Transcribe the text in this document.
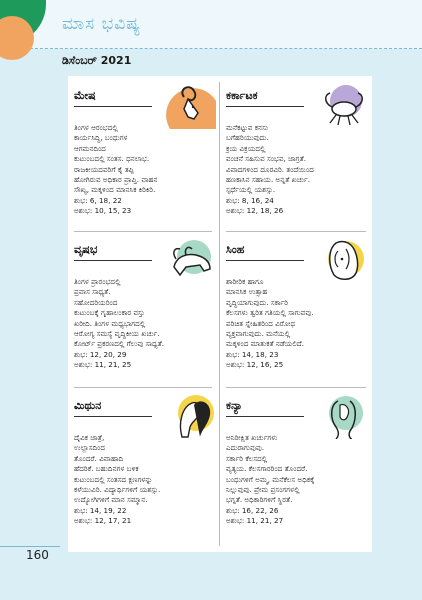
ಮಾಸ ಭವಿಷ್ಯ
ಡಿಸೆಂಬರ್ 2021
ಮೇಷ
ತಿಂಗಳ ಆರಂಭದಲ್ಲಿ
ಕಾರ್ಯಸಿದ್ಧಿ, ಬಂಧುಗಳ
ಆಗಮನದಿಂದ
ಕುಟುಂಬದಲ್ಲಿ ಸಂತಸ. ಧನಲಾಭ.
ರಾಜಕೀಯದವರಿಗೆ ಕೈ ತಪ್ಪಿ
ಹೋಗಿರುವ ಅಧಿಕಾರ ಪ್ರಾಪ್ತಿ. ವಾಹನ
ಸೌಖ್ಯ, ಮಕ್ಕಳಿಂದ ಮಾನಸಿಕ ಕಿರಿಕಿರಿ.
ಶುಭ: 6, 18, 22
ಅಶುಭ: 10, 15, 23
ಕರ್ಕಾಟಕ
ಮನೆಕಟ್ಟುವ ಕನಸು
ಬಗೆಹರಿಯುವುದು.
ಕ್ರಯ ವಿಕ್ರಯದಲ್ಲಿ
ವಂಚನೆ ಸಹಿಸುವ ಸಂಭವ, ಜಾಗ್ರತೆ.
ವಿವಾದಗಳಿಂದ ದೂರವಿರಿ. ತಂದೆಯಿಂದ
ಹಣಕಾಸಿನ ಸಹಾಯ. ಅನ್ನತೆ ಖರ್ಚು.
ಸ್ಪರ್ಧೆಯಲ್ಲಿ ಯಶಸ್ಸು.
ಶುಭ: 8, 16, 24
ಅಶುಭ: 12, 18, 26
ವೃಷಭ
ತಿಂಗಳ ಪ್ರಾರಂಭದಲ್ಲಿ
ಪ್ರವಾಸ ಸಾಧ್ಯತೆ.
ಸಹೋದರಿಯರಿಂದ
ಕುಟುಂಬಕ್ಕೆ ಗೃಹಾಲಂಕಾರ ವಸ್ತು
ಖರೀದಿ. ತಿಂಗಳ ಮಧ್ಯಭಾಗದಲ್ಲಿ
ಆರೋಗ್ಯ ಸಮಸ್ಯೆ ವೃದ್ಧಿಕೀಯ ಖರ್ಚು.
ಕೋರ್ಟ್ ಪ್ರಕರಣದಲ್ಲಿ ಗೆಲುವು ಸಾಧ್ಯತೆ.
ಶುಭ: 12, 20, 29
ಅಶುಭ: 11, 21, 25
ಸಿಂಹ
ಶಾರೀರಿಕ ಹಾಗೂ
ಮಾನಸಿಕ ಉತ್ಸಾಹ
ವೃದ್ಧಿಯಾಗುವುದು. ಸರ್ಕಾರಿ
ಕೆಲಸಗಳು ತ್ವರಿತ ಗತಿಯಲ್ಲಿ ಸಾಗುವವು.
ಪರಿಚಿತ ಸ್ನೇಹಿತರಿಂದ ವಿರೋಧ
ವ್ಯಕ್ತವಾಗುವುದು. ಮನೆಯಲ್ಲಿ
ಮಕ್ಕಳಿಂದ ಮಾತುಕತೆ ನಡೆಯಲಿದೆ.
ಶುಭ: 14, 18, 23
ಅಶುಭ: 12, 16, 25
ಮಿಥುನ
ದೈವಿಕ ಜಾತ್ರೆ,
ಉಲ್ಲಾಸದಿಂದ
ತೊಂದರೆ. ವಿವಾಹಾದಿ
ಹೆದರಿಕೆ. ಬಹುದಿನಗಳ ಬಳಿಕ
ಕುಟುಂಬದಲ್ಲಿ ಸಂತಸದ ಕ್ಷಣಗಳನ್ನು
ಕಳೆಯುವಿರಿ. ವಿದ್ಯಾರ್ಥಿಗಳಿಗೆ ಯಶಸ್ಸು.
ಉದ್ಯೋಗಿಗಳಿಗೆ ಮಾನ ಸಮ್ಮಾನ.
ಶುಭ: 14, 19, 22
ಅಶುಭ: 12, 17, 21
ಕನ್ಯಾ
ಅನಿರೀಕ್ಷಿತ ಖರ್ಚುಗಳು
ಎದುರಾಗುವುವು.
ಸರ್ಕಾರಿ ಕೆಲಸದಲ್ಲಿ
ವ್ಯತ್ಯಯ. ಕೆಲಸಗಾರರಿಂದ ತೊಂದರೆ.
ಬಂಧುಗಳಿಗೆ ಅಮ್ಮ, ಮನೆಕೆಲಸ ಅಧಿಕಕ್ಕೆ
ನಿಲ್ಲುವುವು. ಪ್ರೇಮ ಪ್ರಸಂಗಗಳಲ್ಲಿ
ಭಗ್ನತೆ. ಅಧಿಕಾರಿಗಳಿಗೆ ಸ್ಥಿರತೆ.
ಶುಭ: 16, 22, 26
ಅಶುಭ: 11, 21, 27
160
